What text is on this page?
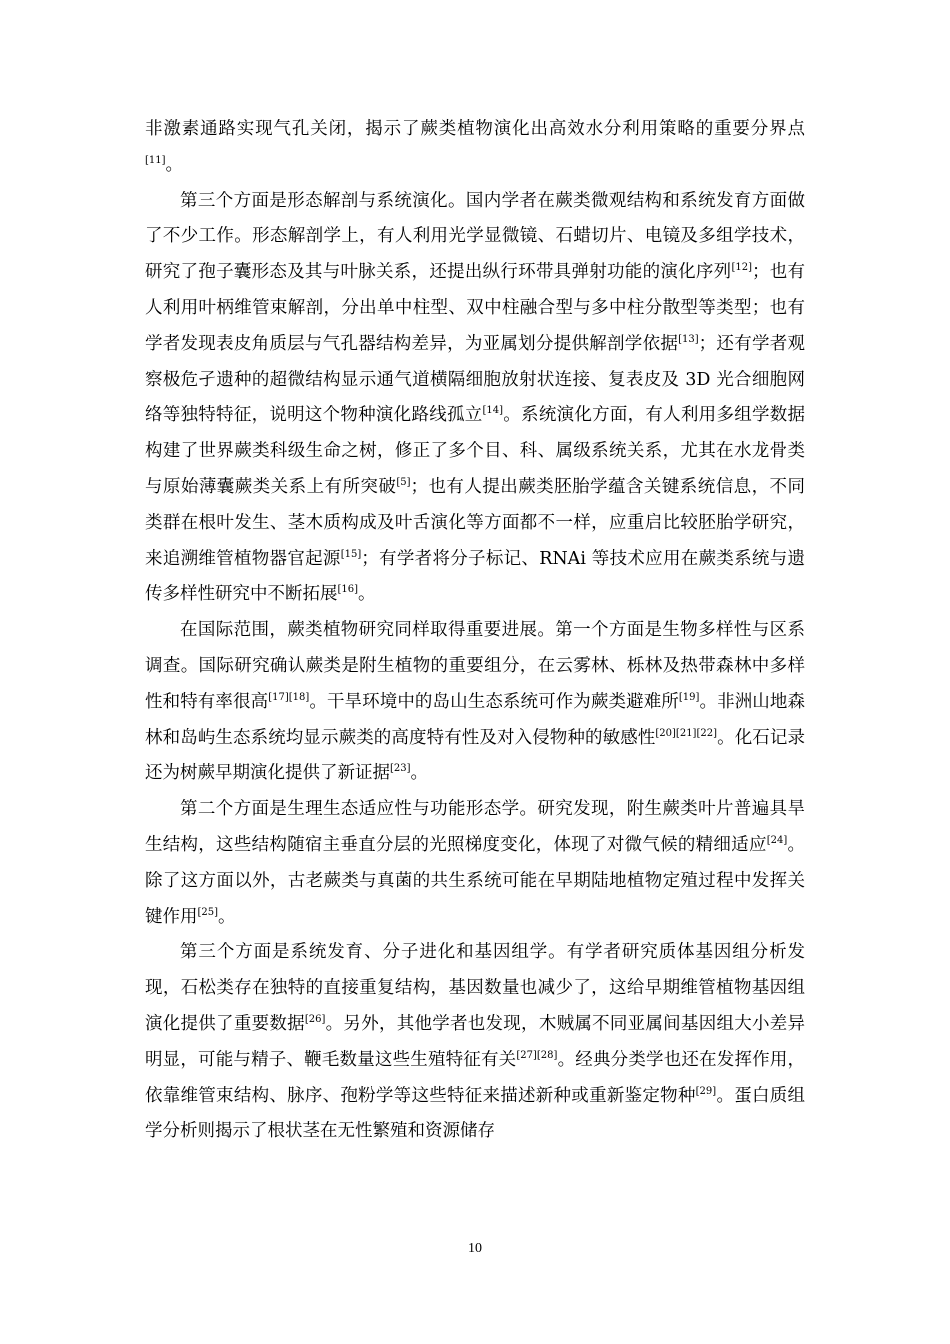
非激素通路实现气孔关闭，揭示了蕨类植物演化出高效水分利用策略的重要分界点[11]。

第三个方面是形态解剖与系统演化。国内学者在蕨类微观结构和系统发育方面做了不少工作。形态解剖学上，有人利用光学显微镜、石蜡切片、电镜及多组学技术，研究了孢子囊形态及其与叶脉关系，还提出纵行环带具弹射功能的演化序列[12]；也有人利用叶柄维管束解剖，分出单中柱型、双中柱融合型与多中柱分散型等类型；也有学者发现表皮角质层与气孔器结构差异，为亚属划分提供解剖学依据[13]；还有学者观察极危孑遗种的超微结构显示通气道横隔细胞放射状连接、复表皮及 3D 光合细胞网络等独特特征，说明这个物种演化路线孤立[14]。系统演化方面，有人利用多组学数据构建了世界蕨类科级生命之树，修正了多个目、科、属级系统关系，尤其在水龙骨类与原始薄囊蕨类关系上有所突破[5]；也有人提出蕨类胚胎学蕴含关键系统信息，不同类群在根叶发生、茎木质构成及叶舌演化等方面都不一样，应重启比较胚胎学研究，来追溯维管植物器官起源[15]；有学者将分子标记、RNAi 等技术应用在蕨类系统与遗传多样性研究中不断拓展[16]。

在国际范围，蕨类植物研究同样取得重要进展。第一个方面是生物多样性与区系调查。国际研究确认蕨类是附生植物的重要组分，在云雾林、栎林及热带森林中多样性和特有率很高[17][18]。干旱环境中的岛山生态系统可作为蕨类避难所[19]。非洲山地森林和岛屿生态系统均显示蕨类的高度特有性及对入侵物种的敏感性[20][21][22]。化石记录还为树蕨早期演化提供了新证据[23]。

第二个方面是生理生态适应性与功能形态学。研究发现，附生蕨类叶片普遍具旱生结构，这些结构随宿主垂直分层的光照梯度变化，体现了对微气候的精细适应[24]。除了这方面以外，古老蕨类与真菌的共生系统可能在早期陆地植物定殖过程中发挥关键作用[25]。

第三个方面是系统发育、分子进化和基因组学。有学者研究质体基因组分析发现，石松类存在独特的直接重复结构，基因数量也减少了，这给早期维管植物基因组演化提供了重要数据[26]。另外，其他学者也发现，木贼属不同亚属间基因组大小差异明显，可能与精子、鞭毛数量这些生殖特征有关[27][28]。经典分类学也还在发挥作用，依靠维管束结构、脉序、孢粉学等这些特征来描述新种或重新鉴定物种[29]。蛋白质组学分析则揭示了根状茎在无性繁殖和资源储存

10
